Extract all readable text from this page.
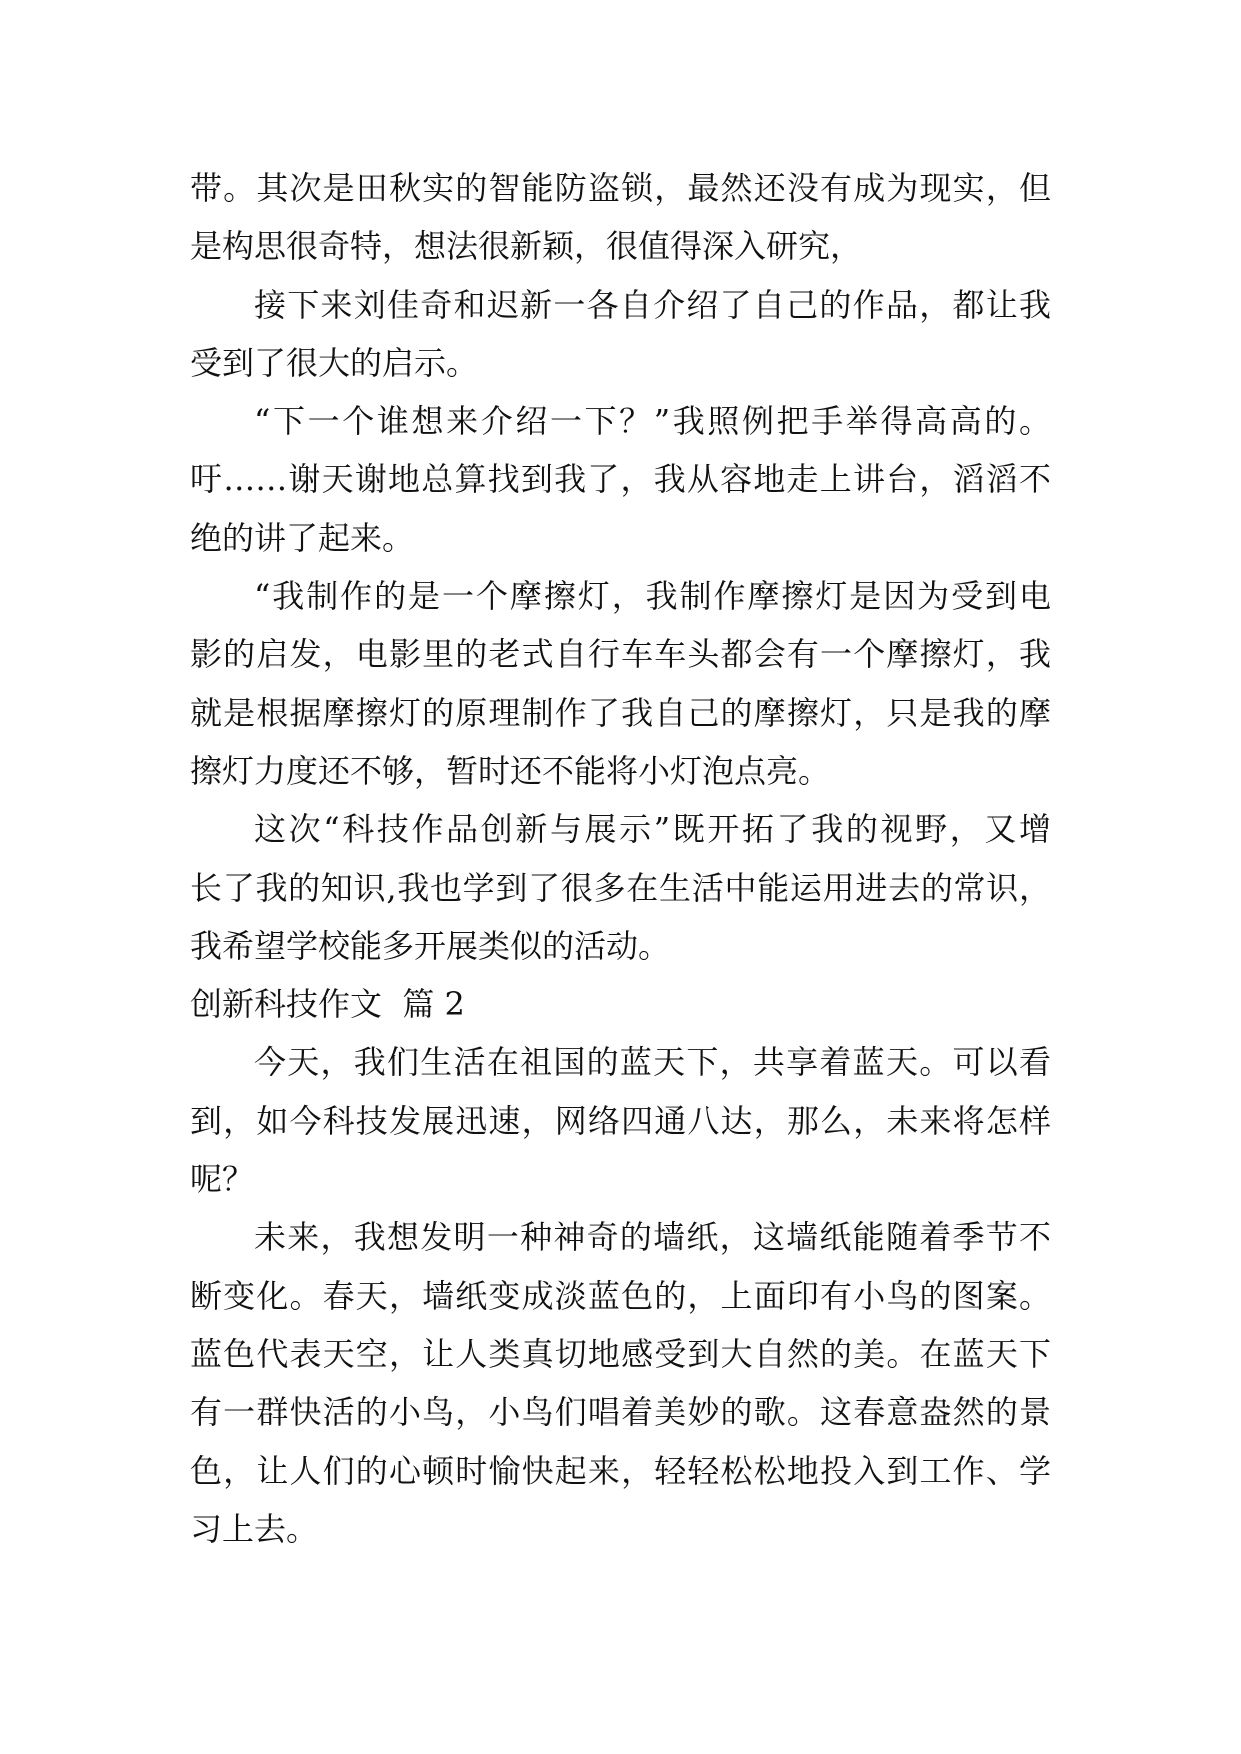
带。其次是田秋实的智能防盗锁，最然还没有成为现实，但
是构思很奇特，想法很新颖，很值得深入研究，
接下来刘佳奇和迟新一各自介绍了自己的作品，都让我
受到了很大的启示。
“下一个谁想来介绍一下？”我照例把手举得高高的。
吁……谢天谢地总算找到我了，我从容地走上讲台，滔滔不
绝的讲了起来。
“我制作的是一个摩擦灯，我制作摩擦灯是因为受到电
影的启发，电影里的老式自行车车头都会有一个摩擦灯，我
就是根据摩擦灯的原理制作了我自己的摩擦灯，只是我的摩
擦灯力度还不够，暂时还不能将小灯泡点亮。
这次“科技作品创新与展示”既开拓了我的视野，又增
长了我的知识,我也学到了很多在生活中能运用进去的常识，
我希望学校能多开展类似的活动。
创新科技作文  篇 2
今天，我们生活在祖国的蓝天下，共享着蓝天。可以看
到，如今科技发展迅速，网络四通八达，那么，未来将怎样
呢？
未来，我想发明一种神奇的墙纸，这墙纸能随着季节不
断变化。春天，墙纸变成淡蓝色的，上面印有小鸟的图案。
蓝色代表天空，让人类真切地感受到大自然的美。在蓝天下
有一群快活的小鸟，小鸟们唱着美妙的歌。这春意盎然的景
色，让人们的心顿时愉快起来，轻轻松松地投入到工作、学
习上去。
